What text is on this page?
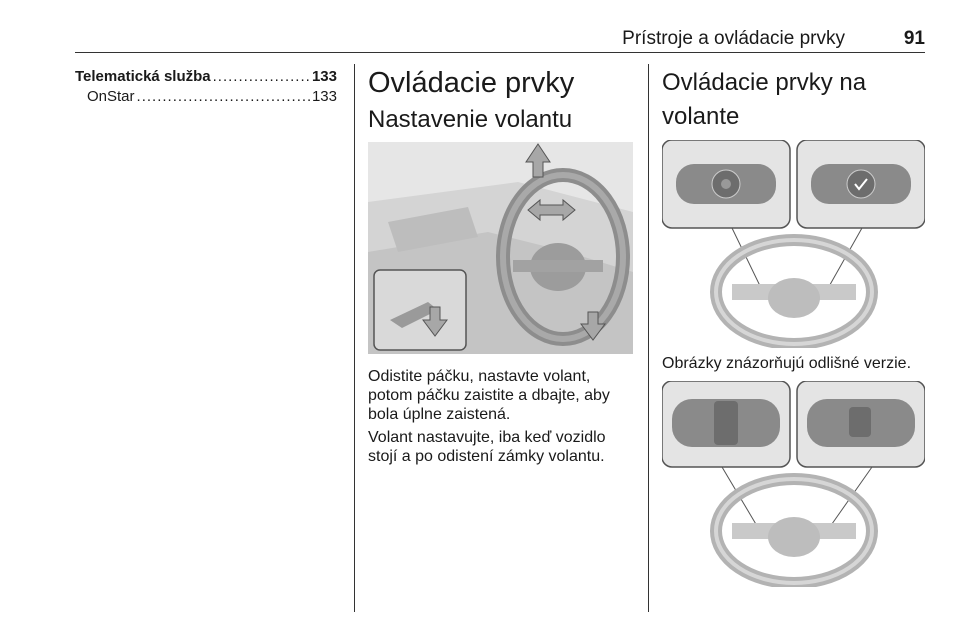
Prístroje a ovládacie prvky	91
Telematická služba .....	133
OnStar .....	133 Ovládacie prvky
Nastavenie volantu

Odistite páčku, nastavte volant,
potom páčku zaistite a dbajte, aby
bola úplne zaistená.

Volant nastavujte, iba keď vozidlo
stojí a po odistení zámky volantu.

Ovládacie prvky na volante

Obrázky znázorňujú odlišné verzie.
